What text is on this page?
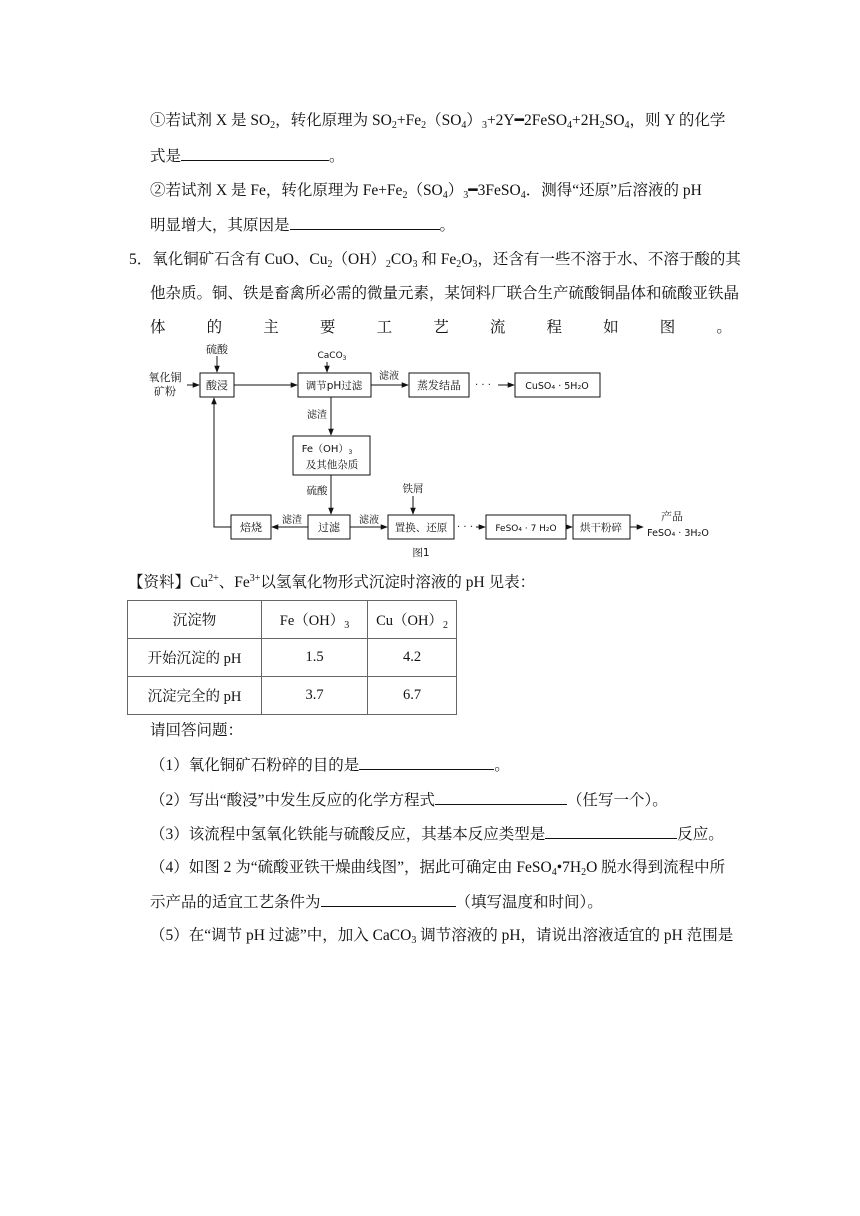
①若试剂 X 是 $SO_2$，转化原理为 $SO_2+Fe_2(SO_4)_3+2Y━2FeSO_4+2H_2SO_4$，则 Y 的化学
式是	。
②若试剂 X 是 Fe，转化原理为 $Fe+Fe_2(SO_4)_3━3FeSO_4$．测得“还原”后溶液的 pH
明显增大，其原因是	。
5．氧化铜矿石含有 CuO、$Cu_2(OH)_2CO_3$ 和 $Fe_2O_3$，还含有一些不溶于水、不溶于酸的其
他杂质。铜、铁是畜禽所必需的微量元素，某饲料厂联合生产硫酸铜晶体和硫酸亚铁晶
体	的	主	要	工	艺	流	程	如	图	。
氧化铜
矿粉
硫酸
酸浸
CaCO$_3$
调节pH过滤
滤液
蒸发结晶 · · ·	CuSO₄ · 5H₂O
滤渣
$Fe(OH)_3$
及其他杂质
硫酸	铁屑
焙烧
滤渣
过滤
滤液
置换、还原 · · · FeSO₄ · 7 H₂O 烘干粉碎
产品
FeSO₄ · 3H₂O
图1
【资料】$Cu^{2+}$、$Fe^{3+}$以氢氧化物形式沉淀时溶液的 pH 见表：
沉淀物	$Fe(OH)_3$	$Cu(OH)_2$
开始沉淀的 pH	1.5	4.2
沉淀完全的 pH	3.7	6.7
请回答问题：
（1）氧化铜矿石粉碎的目的是	。
（2）写出“酸浸”中发生反应的化学方程式	（任写一个）。
（3）该流程中氢氧化铁能与硫酸反应，其基本反应类型是	反应。
（4）如图 2 为“硫酸亚铁干燥曲线图”，据此可确定由 $FeSO_4•7H_2O$ 脱水得到流程中所
示产品的适宜工艺条件为	（填写温度和时间）。
（5）在“调节 pH 过滤”中，加入 CaCO$_3$ 调节溶液的 pH，请说出溶液适宜的 pH 范围是
